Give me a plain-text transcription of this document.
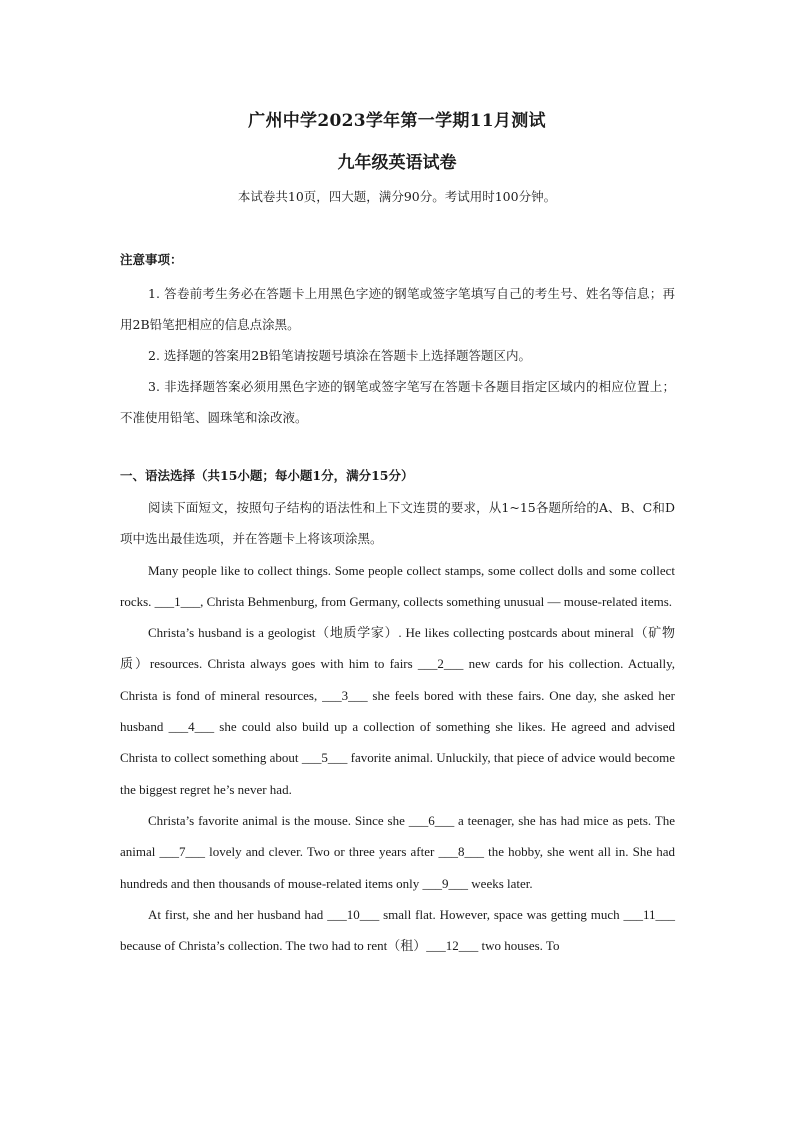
广州中学2023学年第一学期11月测试
九年级英语试卷
本试卷共10页，四大题，满分90分。考试用时100分钟。
注意事项：

1. 答卷前考生务必在答题卡上用黑色字迹的钢笔或签字笔填写自己的考生号、姓名等信息；再用2B铅笔把相应的信息点涂黑。

2. 选择题的答案用2B铅笔请按题号填涂在答题卡上选择题答题区内。

3. 非选择题答案必须用黑色字迹的钢笔或签字笔写在答题卡各题目指定区域内的相应位置上；不准使用铅笔、圆珠笔和涂改液。

一、语法选择（共15小题；每小题1分，满分15分）

阅读下面短文，按照句子结构的语法性和上下文连贯的要求，从1~15各题所给的A、B、C和D项中选出最佳选项，并在答题卡上将该项涂黑。

Many people like to collect things. Some people collect stamps, some collect dolls and some collect rocks. ___1___, Christa Behmenburg, from Germany, collects something unusual — mouse-related items.

Christa’s husband is a geologist（地质学家）. He likes collecting postcards about mineral（矿物质）resources. Christa always goes with him to fairs ___2___ new cards for his collection. Actually, Christa is fond of mineral resources, ___3___ she feels bored with these fairs. One day, she asked her husband ___4___ she could also build up a collection of something she likes. He agreed and advised Christa to collect something about ___5___ favorite animal. Unluckily, that piece of advice would become the biggest regret he’s never had.

Christa’s favorite animal is the mouse. Since she ___6___ a teenager, she has had mice as pets. The animal ___7___ lovely and clever. Two or three years after ___8___ the hobby, she went all in. She had hundreds and then thousands of mouse-related items only ___9___ weeks later.

At first, she and her husband had ___10___ small flat. However, space was getting much ___11___ because of Christa’s collection. The two had to rent（租）___12___ two houses. To
